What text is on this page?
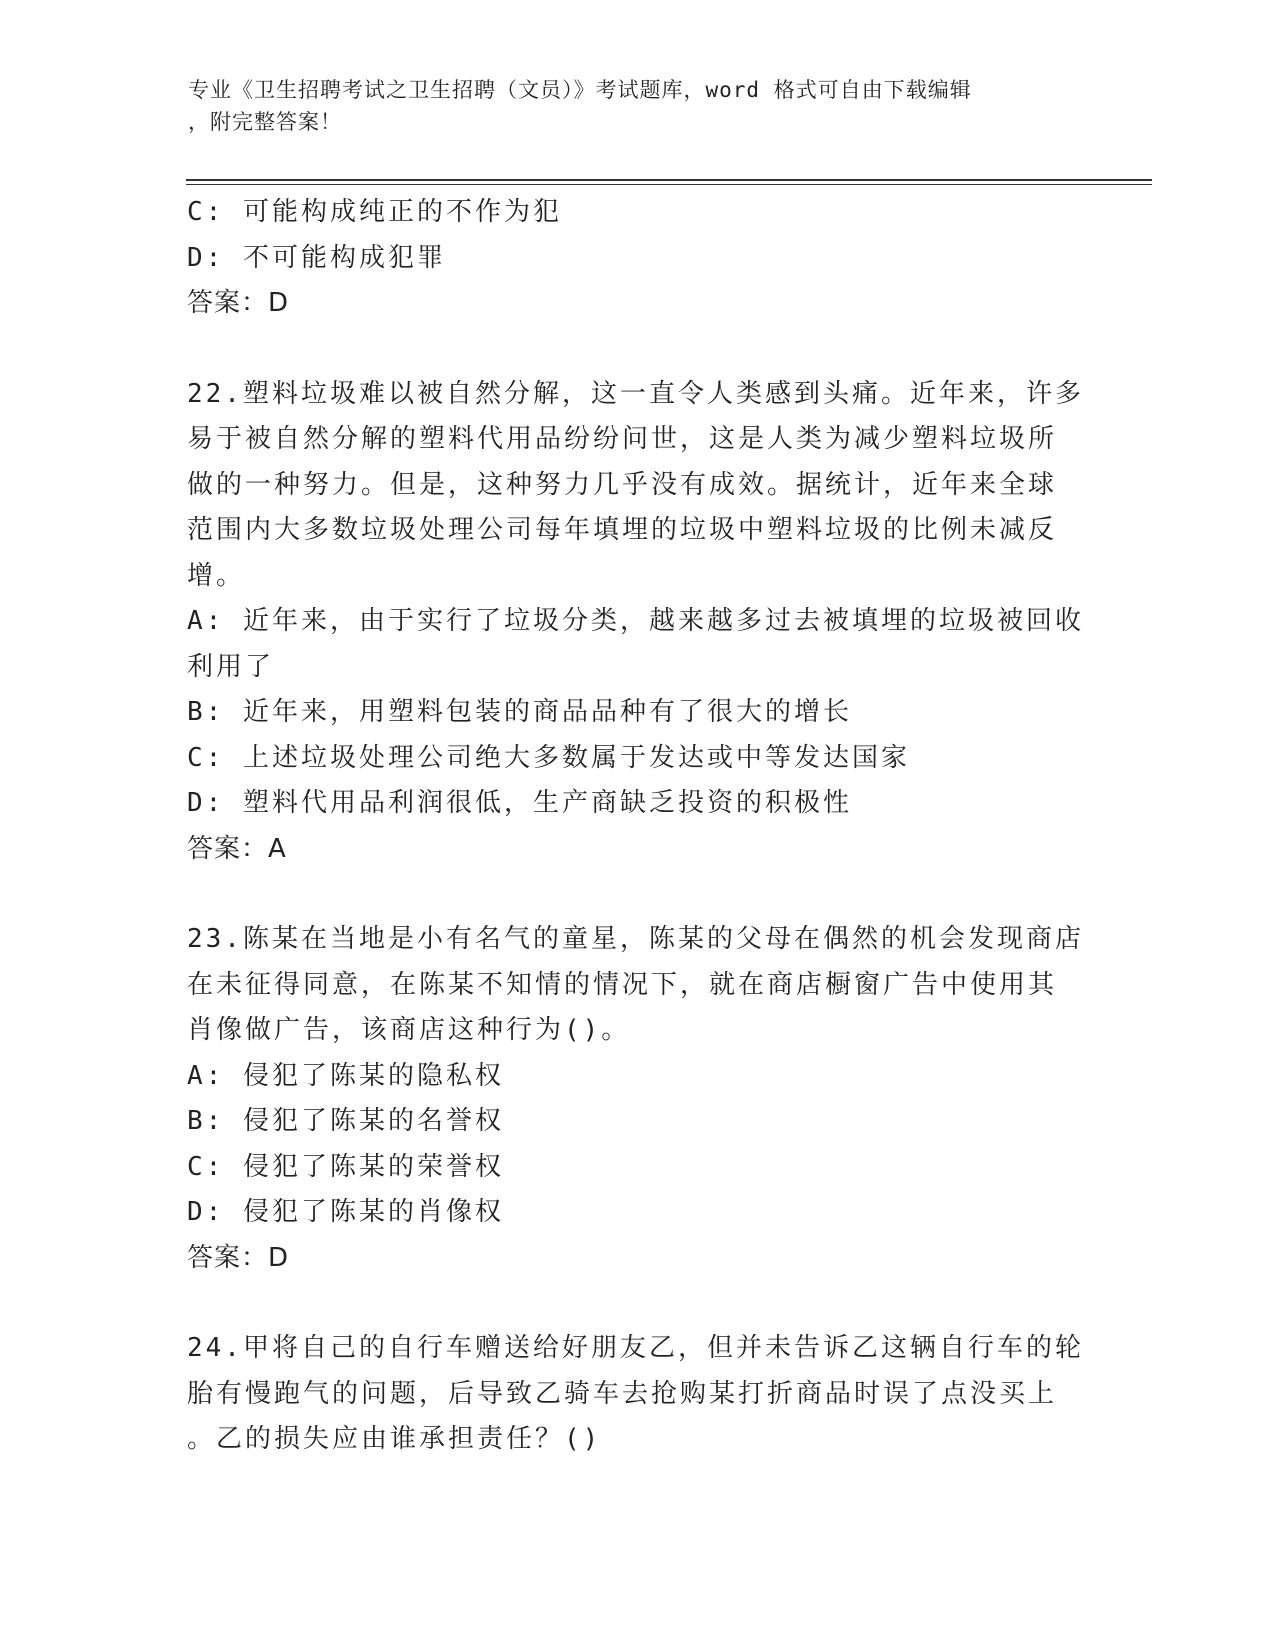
专业《卫生招聘考试之卫生招聘（文员）》考试题库，word 格式可自由下载编辑
，附完整答案！
C: 可能构成纯正的不作为犯
D: 不可能构成犯罪
答案：D
22.塑料垃圾难以被自然分解，这一直令人类感到头痛。近年来，许多
易于被自然分解的塑料代用品纷纷问世，这是人类为减少塑料垃圾所
做的一种努力。但是，这种努力几乎没有成效。据统计，近年来全球
范围内大多数垃圾处理公司每年填埋的垃圾中塑料垃圾的比例未减反
增。
A: 近年来，由于实行了垃圾分类，越来越多过去被填埋的垃圾被回收
利用了
B: 近年来，用塑料包装的商品品种有了很大的增长
C: 上述垃圾处理公司绝大多数属于发达或中等发达国家
D: 塑料代用品利润很低，生产商缺乏投资的积极性
答案：A
23.陈某在当地是小有名气的童星，陈某的父母在偶然的机会发现商店
在未征得同意，在陈某不知情的情况下，就在商店橱窗广告中使用其
肖像做广告，该商店这种行为()。
A: 侵犯了陈某的隐私权
B: 侵犯了陈某的名誉权
C: 侵犯了陈某的荣誉权
D: 侵犯了陈某的肖像权
答案：D
24.甲将自己的自行车赠送给好朋友乙，但并未告诉乙这辆自行车的轮
胎有慢跑气的问题，后导致乙骑车去抢购某打折商品时误了点没买上
。乙的损失应由谁承担责任？()
